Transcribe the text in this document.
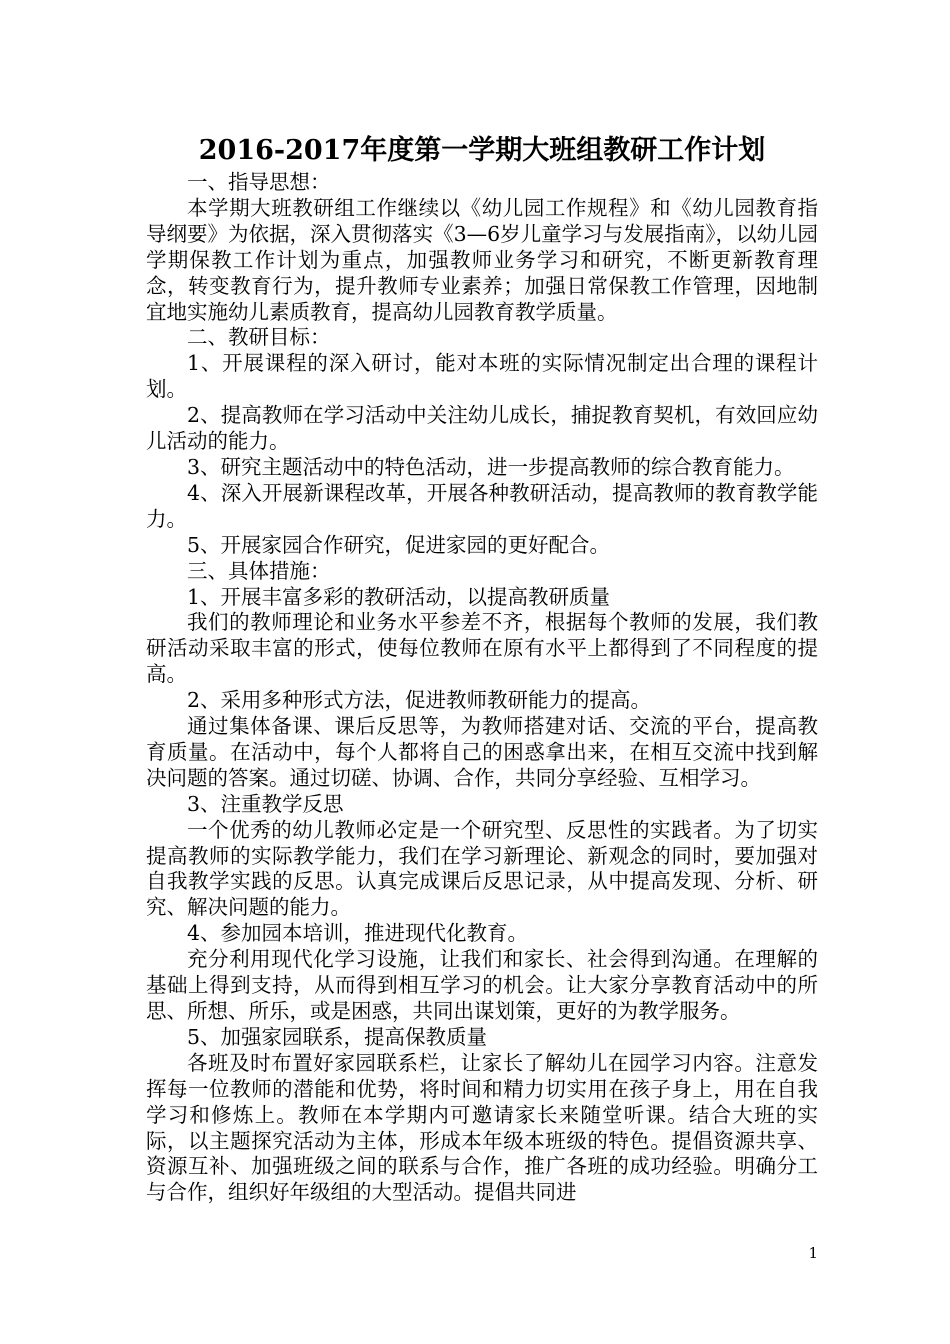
2016-2017年度第一学期大班组教研工作计划

一、指导思想：

本学期大班教研组工作继续以《幼儿园工作规程》和《幼儿园教育指导纲要》为依据，深入贯彻落实《3—6岁儿童学习与发展指南》，以幼儿园学期保教工作计划为重点，加强教师业务学习和研究，不断更新教育理念，转变教育行为，提升教师专业素养；加强日常保教工作管理，因地制宜地实施幼儿素质教育，提高幼儿园教育教学质量。

二、教研目标：

1、开展课程的深入研讨，能对本班的实际情况制定出合理的课程计划。

2、提高教师在学习活动中关注幼儿成长，捕捉教育契机，有效回应幼儿活动的能力。

3、研究主题活动中的特色活动，进一步提高教师的综合教育能力。

4、深入开展新课程改革，开展各种教研活动，提高教师的教育教学能力。

5、开展家园合作研究，促进家园的更好配合。

三、具体措施：

1、开展丰富多彩的教研活动，以提高教研质量

我们的教师理论和业务水平参差不齐，根据每个教师的发展，我们教研活动采取丰富的形式，使每位教师在原有水平上都得到了不同程度的提高。

2、采用多种形式方法，促进教师教研能力的提高。

通过集体备课、课后反思等，为教师搭建对话、交流的平台，提高教育质量。在活动中，每个人都将自己的困惑拿出来，在相互交流中找到解决问题的答案。通过切磋、协调、合作，共同分享经验、互相学习。

3、注重教学反思

一个优秀的幼儿教师必定是一个研究型、反思性的实践者。为了切实提高教师的实际教学能力，我们在学习新理论、新观念的同时，要加强对自我教学实践的反思。认真完成课后反思记录，从中提高发现、分析、研究、解决问题的能力。

4、参加园本培训，推进现代化教育。

充分利用现代化学习设施，让我们和家长、社会得到沟通。在理解的基础上得到支持，从而得到相互学习的机会。让大家分享教育活动中的所思、所想、所乐，或是困惑，共同出谋划策，更好的为教学服务。

5、加强家园联系，提高保教质量

各班及时布置好家园联系栏，让家长了解幼儿在园学习内容。注意发挥每一位教师的潜能和优势，将时间和精力切实用在孩子身上，用在自我学习和修炼上。教师在本学期内可邀请家长来随堂听课。结合大班的实际，以主题探究活动为主体，形成本年级本班级的特色。提倡资源共享、资源互补、加强班级之间的联系与合作，推广各班的成功经验。明确分工与合作，组织好年级组的大型活动。提倡共同进

1
